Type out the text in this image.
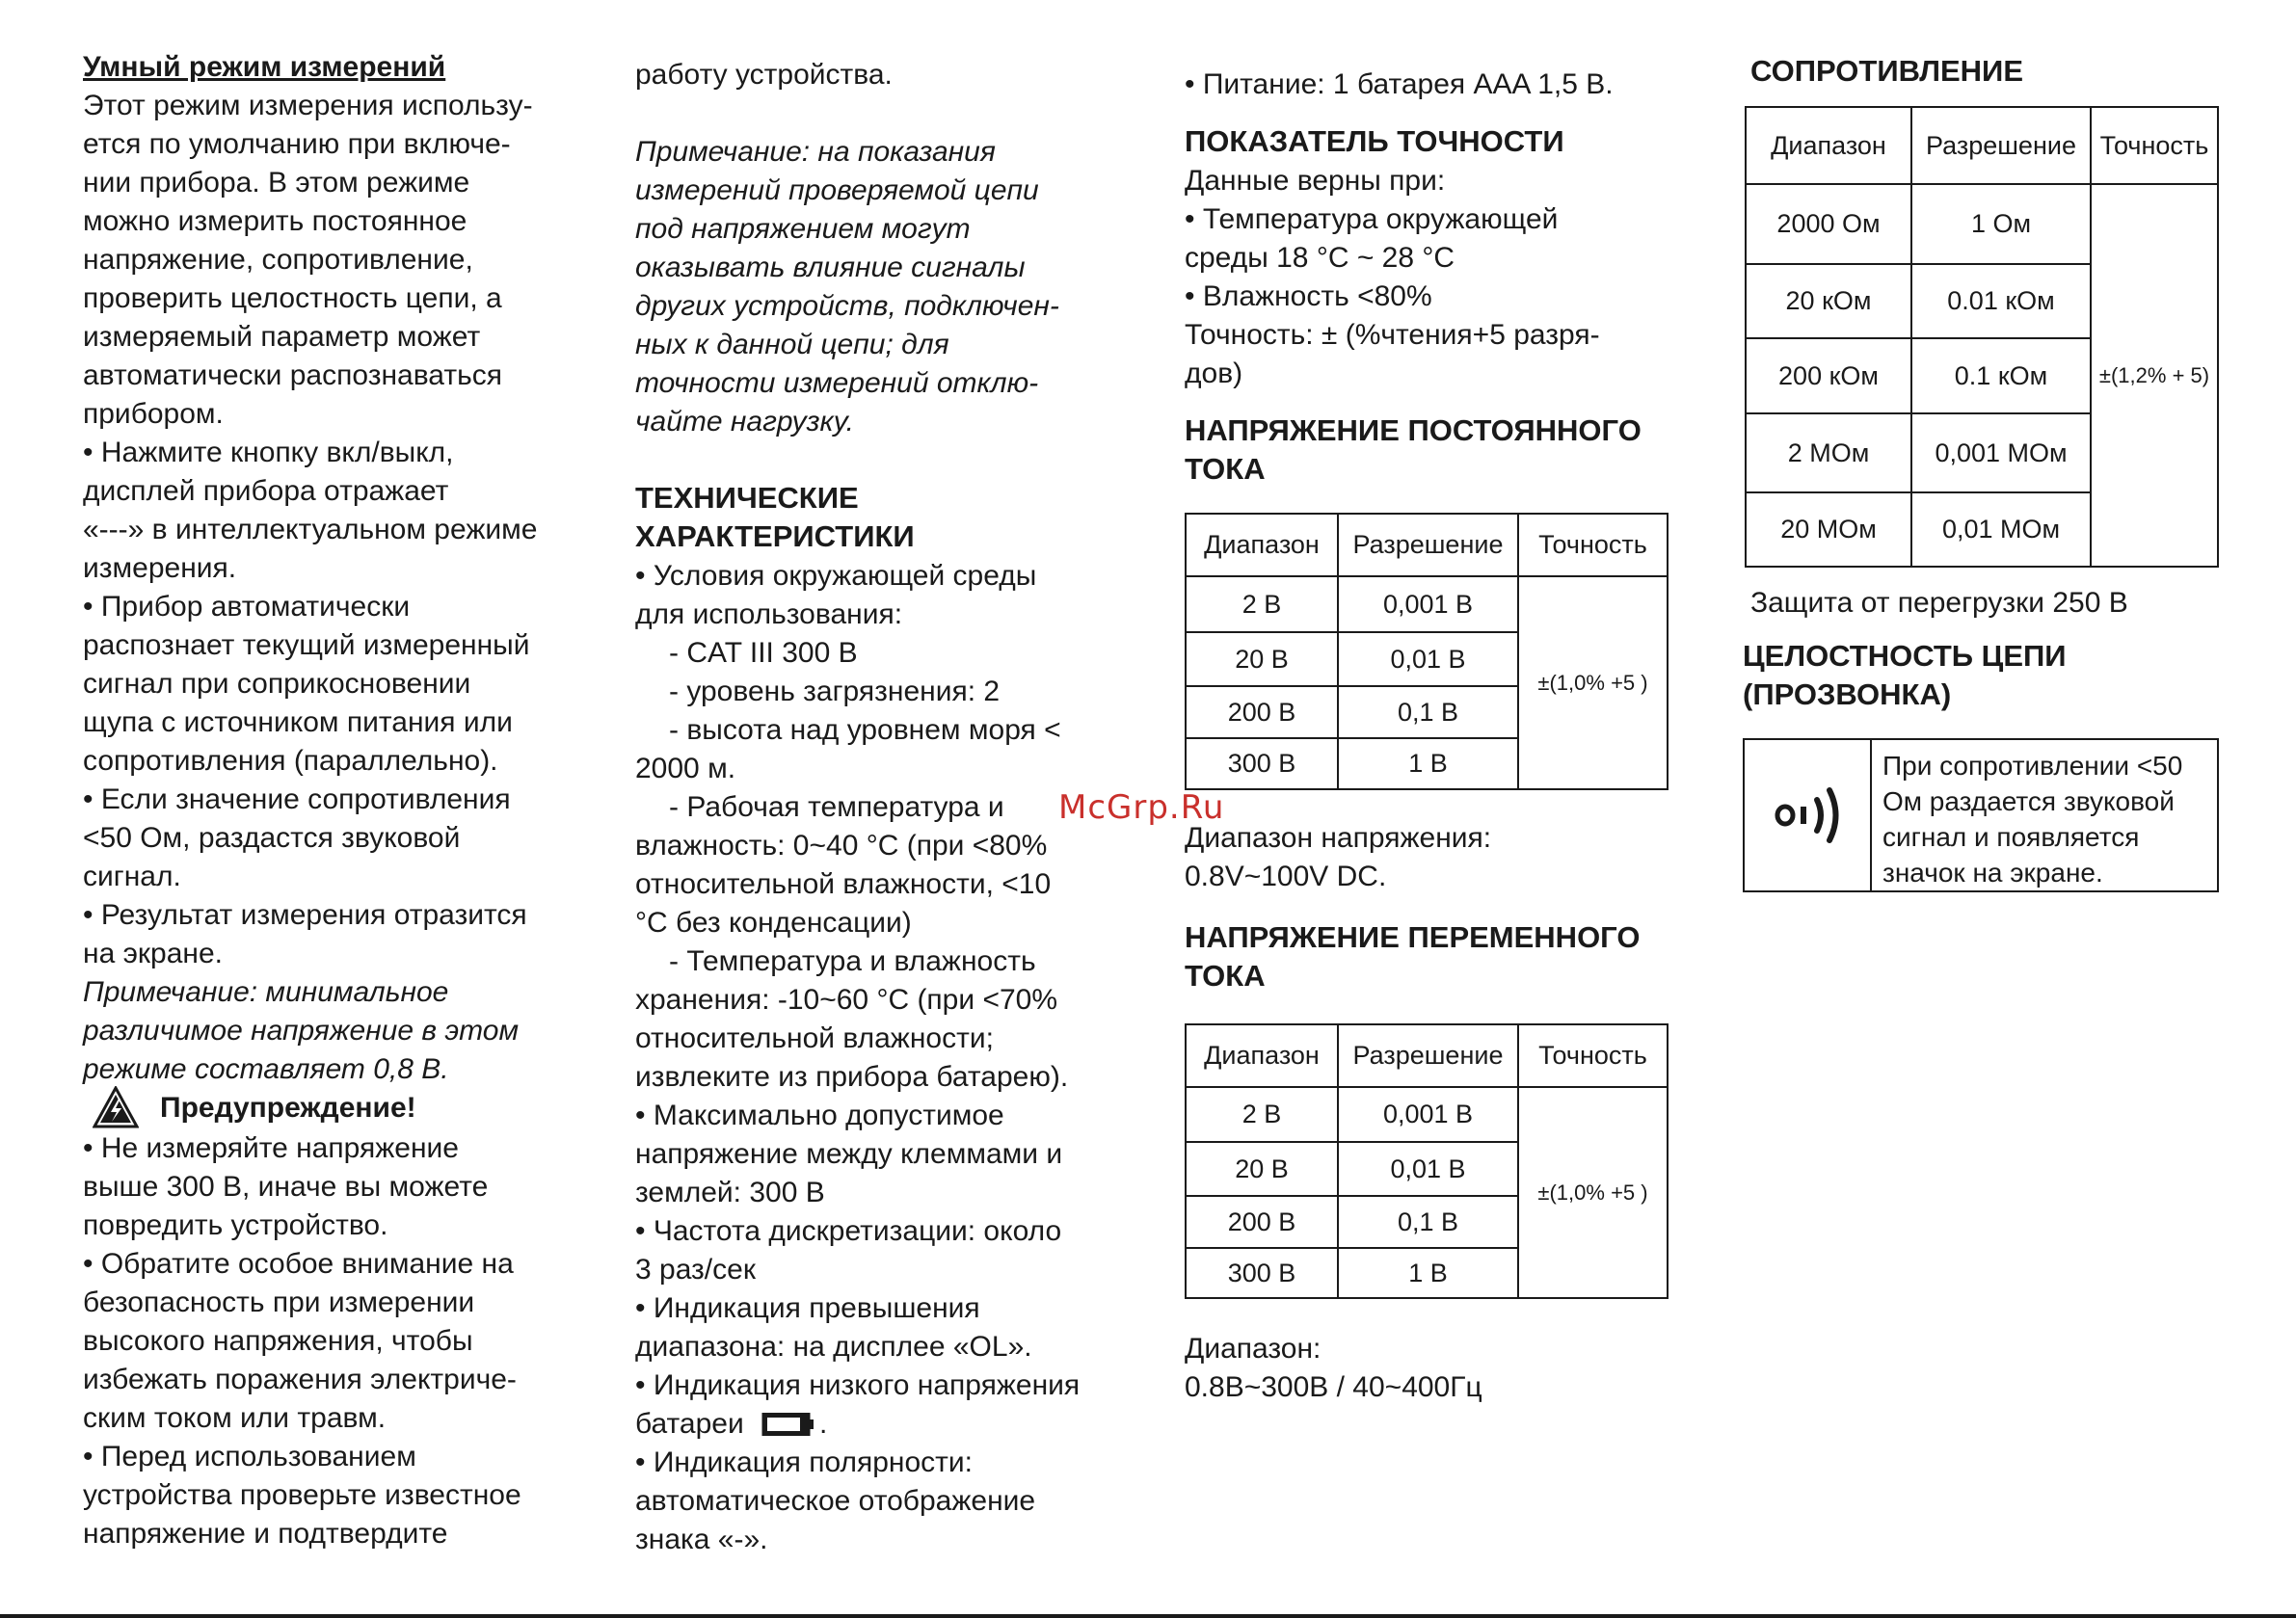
Умный режим измерений
Этот режим измерения использу-
ется по умолчанию при включе-
нии прибора. В этом режиме
можно измерить постоянное
напряжение, сопротивление,
проверить целостность цепи, а
измеряемый параметр может
автоматически распознаваться
прибором.
• Нажмите кнопку вкл/выкл,
дисплей прибора отражает
«---» в интеллектуальном режиме
измерения.
• Прибор автоматически
распознает текущий измеренный
сигнал при соприкосновении
щупа с источником питания или
сопротивления (параллельно).
• Если значение сопротивления
<50 Ом, раздастся звуковой
сигнал.
• Результат измерения отразится
на экране.
Примечание: минимальное
различимое напряжение в этом
режиме составляет 0,8 В.
Предупреждение!
• Не измеряйте напряжение
выше 300 В, иначе вы можете
повредить устройство.
• Обратите особое внимание на
безопасность при измерении
высокого напряжения, чтобы
избежать поражения электриче-
ским током или травм.
• Перед использованием
устройства проверьте известное
напряжение и подтвердите
работу устройства.
Примечание: на показания
измерений проверяемой цепи
под напряжением могут
оказывать влияние сигналы
других устройств, подключен-
ных к данной цепи; для
точности измерений отклю-
чайте нагрузку.
ТЕХНИЧЕСКИЕ
ХАРАКТЕРИСТИКИ
• Условия окружающей среды
для использования:
- CAT III 300 В
- уровень загрязнения: 2
- высота над уровнем моря <
2000 м.
- Рабочая температура и
влажность: 0~40 °С (при <80%
относительной влажности, <10
°С без конденсации)
- Температура и влажность
хранения: -10~60 °С (при <70%
относительной влажности;
извлеките из прибора батарею).
• Максимально допустимое
напряжение между клеммами и
землей: 300 В
• Частота дискретизации: около
3 раз/сек
• Индикация превышения
диапазона: на дисплее «OL».
• Индикация низкого напряжения
батареи	.
• Индикация полярности:
автоматическое отображение
знака «-».
• Питание: 1 батарея AAA 1,5 В.
ПОКАЗАТЕЛЬ ТОЧНОСТИ
Данные верны при:
• Температура окружающей
среды 18 °С ~ 28 °С
• Влажность <80%
Точность: ± (%чтения+5 разря-
дов)
НАПРЯЖЕНИЕ ПОСТОЯННОГО
ТОКА
Диапазон	Разрешение	Точность
2 В	0,001 В	±(1,0% +5 )
20 В	0,01 В	
200 В	0,1 В	
300 В	1 В	
Диапазон напряжения:
0.8V~100V DC.
НАПРЯЖЕНИЕ ПЕРЕМЕННОГО
ТОКА
Диапазон	Разрешение	Точность
2 В	0,001 В	±(1,0% +5 )
20 В	0,01 В	
200 В	0,1 В	
300 В	1 В	
Диапазон:
0.8В~300В / 40~400Гц
СОПРОТИВЛЕНИЕ
Диапазон	Разрешение	Точность
2000 Ом	1 Ом	±(1,2% + 5)
20 кОм	0.01 кОм	
200 кОм	0.1 кОм	
2 МОм	0,001 МОм	
20 МОм	0,01 МОм	
Защита от перегрузки 250 В
ЦЕЛОСТНОСТЬ ЦЕПИ
(ПРОЗВОНКА)
При сопротивлении <50
Ом раздается звуковой
сигнал и появляется
значок на экране.
McGrp.Ru
